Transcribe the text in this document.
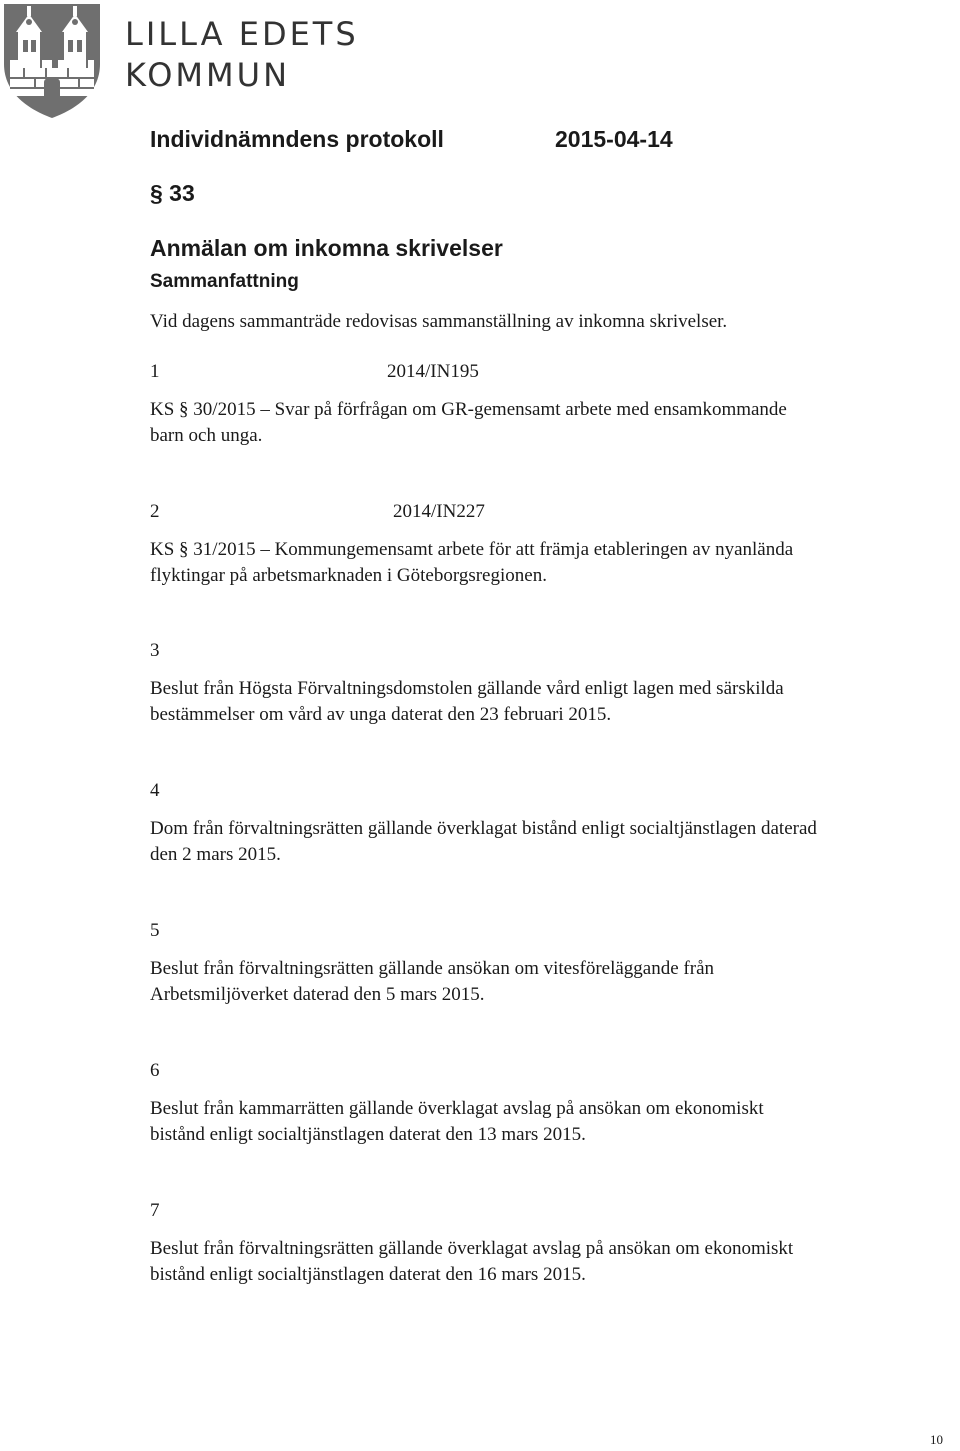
LILLA EDETS
KOMMUN
Individnämndens protokoll	2015-04-14
§ 33
Anmälan om inkomna skrivelser
Sammanfattning
Vid dagens sammanträde redovisas sammanställning av inkomna skrivelser.
1	2014/IN195
KS § 30/2015 – Svar på förfrågan om GR-gemensamt arbete med ensamkommande
barn och unga.
2	2014/IN227
KS § 31/2015 – Kommungemensamt arbete för att främja etableringen av nyanlända
flyktingar på arbetsmarknaden i Göteborgsregionen.
3
Beslut från Högsta Förvaltningsdomstolen gällande vård enligt lagen med särskilda
bestämmelser om vård av unga daterat den 23 februari 2015.
4
Dom från förvaltningsrätten gällande överklagat bistånd enligt socialtjänstlagen daterad
den 2 mars 2015.
5
Beslut från förvaltningsrätten gällande ansökan om vitesföreläggande från
Arbetsmiljöverket daterad den 5 mars 2015.
6
Beslut från kammarrätten gällande överklagat avslag på ansökan om ekonomiskt
bistånd enligt socialtjänstlagen daterat den 13 mars 2015.
7
Beslut från förvaltningsrätten gällande överklagat avslag på ansökan om ekonomiskt
bistånd enligt socialtjänstlagen daterat den 16 mars 2015.
10
